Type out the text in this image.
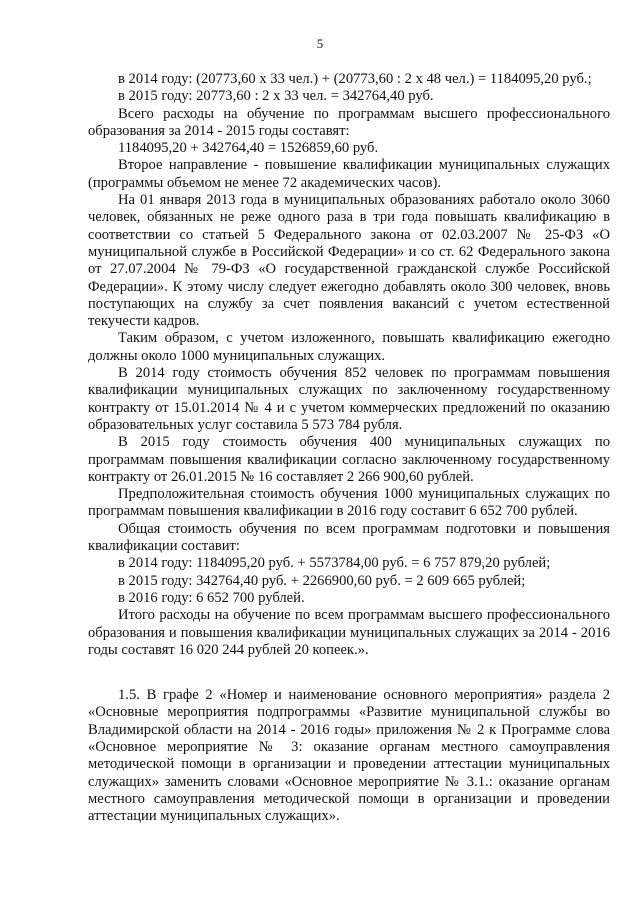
5

в 2014 году: (20773,60 х 33 чел.) + (20773,60 : 2 х 48 чел.) = 1184095,20 руб.;

в 2015 году: 20773,60 : 2 х 33 чел. = 342764,40 руб.

Всего расходы на обучение по программам высшего профессионального образования за 2014 - 2015 годы составят:

1184095,20 + 342764,40 = 1526859,60 руб.

Второе направление - повышение квалификации муниципальных служащих (программы объемом не менее 72 академических часов).

На 01 января 2013 года в муниципальных образованиях работало около 3060 человек, обязанных не реже одного раза в три года повышать квалификацию в соответствии со статьей 5 Федерального закона от 02.03.2007 № 25-ФЗ «О муниципальной службе в Российской Федерации» и со ст. 62 Федерального закона от 27.07.2004 № 79-ФЗ «О государственной гражданской службе Российской Федерации». К этому числу следует ежегодно добавлять около 300 человек, вновь поступающих на службу за счет появления вакансий с учетом естественной текучести кадров.

Таким образом, с учетом изложенного, повышать квалификацию ежегодно должны около 1000 муниципальных служащих.

В 2014 году стоимость обучения 852 человек по программам повышения квалификации муниципальных служащих по заключенному государственному контракту от 15.01.2014 № 4 и с учетом коммерческих предложений по оказанию образовательных услуг составила 5 573 784 рубля.

В 2015 году стоимость обучения 400 муниципальных служащих по программам повышения квалификации согласно заключенному государственному контракту от 26.01.2015 № 16 составляет 2 266 900,60 рублей.

Предположительная стоимость обучения 1000 муниципальных служащих по программам повышения квалификации в 2016 году составит 6 652 700 рублей.

Общая стоимость обучения по всем программам подготовки и повышения квалификации составит:

в 2014 году: 1184095,20 руб. + 5573784,00 руб. = 6 757 879,20 рублей;

в 2015 году: 342764,40 руб. + 2266900,60 руб. = 2 609 665 рублей;

в 2016 году: 6 652 700 рублей.

Итого расходы на обучение по всем программам высшего профессионального образования и повышения квалификации муниципальных служащих за 2014 - 2016 годы составят 16 020 244 рублей 20 копеек.».

1.5. В графе 2 «Номер и наименование основного мероприятия» раздела 2 «Основные мероприятия подпрограммы «Развитие муниципальной службы во Владимирской области на 2014 - 2016 годы» приложения № 2 к Программе слова «Основное мероприятие № 3: оказание органам местного самоуправления методической помощи в организации и проведении аттестации муниципальных служащих» заменить словами «Основное мероприятие № 3.1.: оказание органам местного самоуправления методической помощи в организации и проведении аттестации муниципальных служащих».
